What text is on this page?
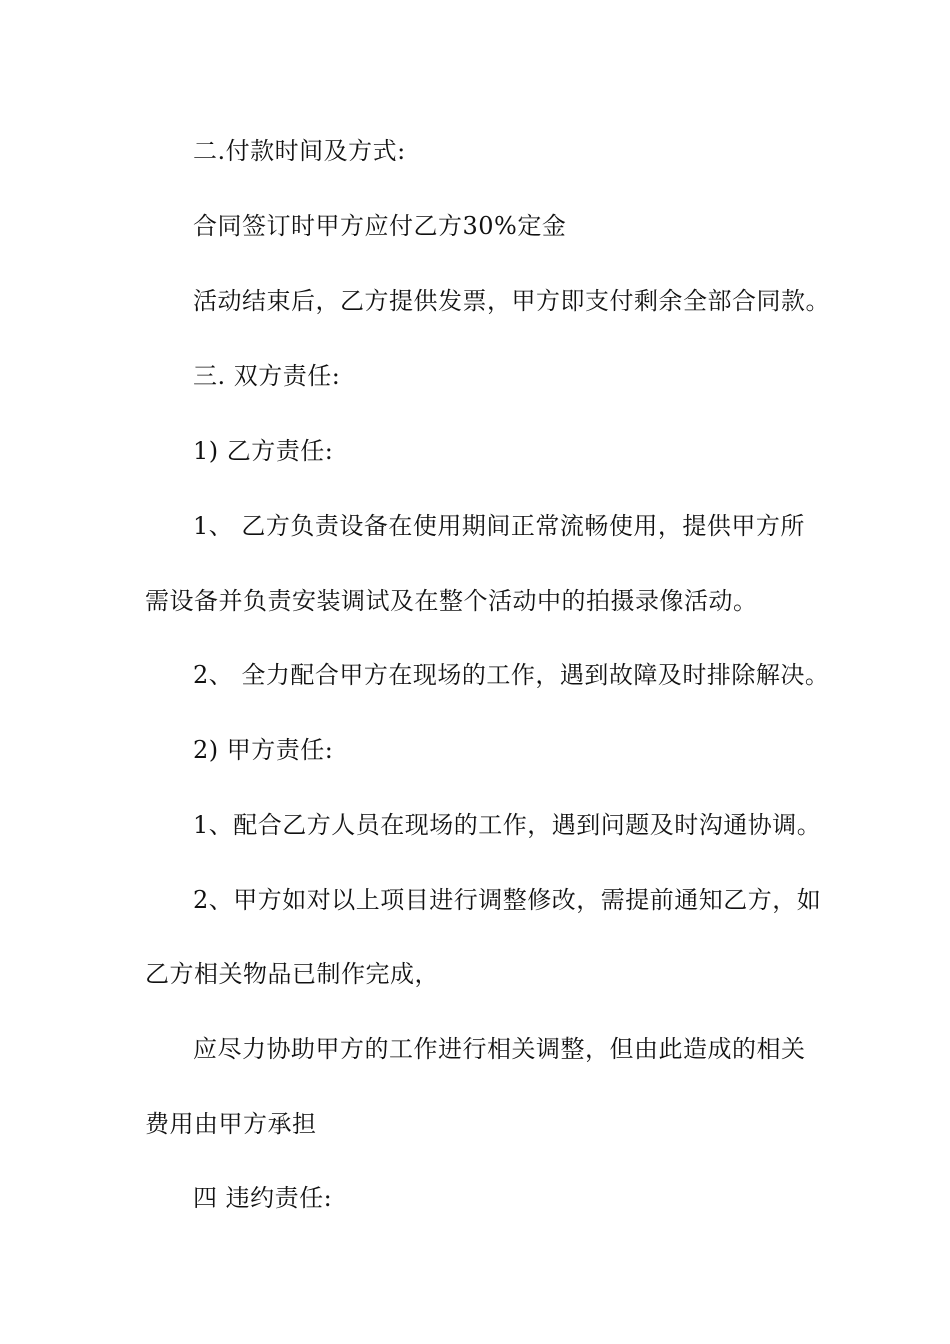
二.付款时间及方式:
合同签订时甲方应付乙方30%定金
活动结束后，乙方提供发票，甲方即支付剩余全部合同款。
三. 双方责任:
1) 乙方责任:
1、 乙方负责设备在使用期间正常流畅使用，提供甲方所
需设备并负责安装调试及在整个活动中的拍摄录像活动。
2、 全力配合甲方在现场的工作，遇到故障及时排除解决。
2) 甲方责任:
1、配合乙方人员在现场的工作，遇到问题及时沟通协调。
2、甲方如对以上项目进行调整修改，需提前通知乙方，如
乙方相关物品已制作完成，
应尽力协助甲方的工作进行相关调整，但由此造成的相关
费用由甲方承担
四 违约责任:
